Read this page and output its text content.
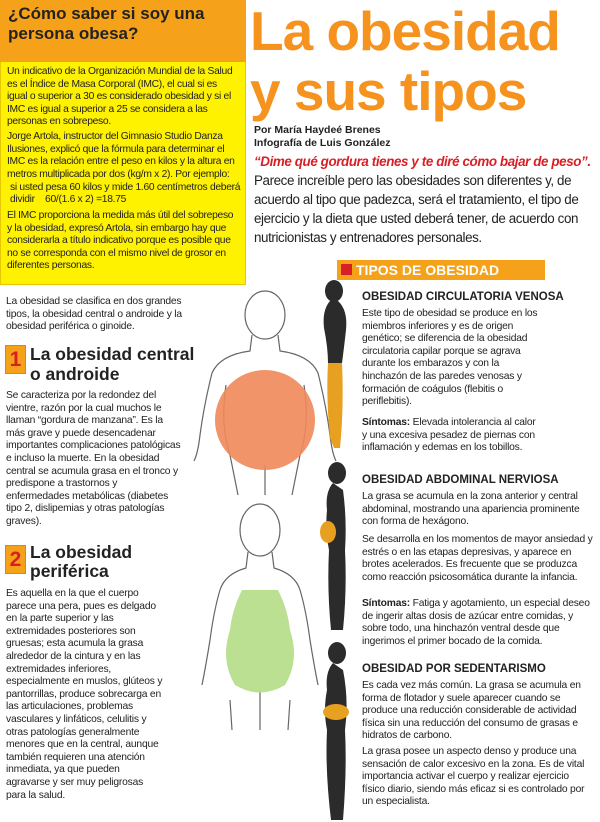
¿Cómo saber si soy una persona obesa?
Un indicativo de la Organización Mundial de la Salud es el Índice de Masa Corporal (IMC), el cual si es igual o superior a 30 es considerado obesidad y si el IMC es igual a superior a 25 se considera a las personas en sobrepeso.
Jorge Artola, instructor del Gimnasio Studio Danza Ilusiones, explicó que la fórmula para determinar el IMC es la relación entre el peso en kilos y la altura en metros multiplicada por dos (kg/m x 2). Por ejemplo:
si usted pesa 60 kilos y mide 1.60 centímetros deberá
dividir    60/(1.6 x 2) =18.75
El IMC proporciona la medida más útil del sobrepeso y la obesidad, expresó Artola, sin embargo hay que considerarla a título indicativo porque es posible que no se corresponda con el mismo nivel de grosor en diferentes personas.
La obesidad
y sus tipos
Por María Haydeé Brenes
Infografía de Luis González
“Dime qué gordura tienes y te diré cómo bajar de peso”. Parece increíble pero las obesidades son diferentes y, de acuerdo al tipo que padezca, será el tratamiento, el tipo de ejercicio y la dieta que usted deberá tener, de acuerdo con nutricionistas y entrenadores personales.
TIPOS DE OBESIDAD
La obesidad se clasifica en dos grandes tipos, la obesidad central o androide y la obesidad periférica o ginoide.
1 La obesidad central
o androide
Se caracteriza por la redondez del vientre, razón por la cual muchos le llaman “gordura de manzana”. Es la más grave y puede desencadenar importantes complicaciones patológicas e incluso la muerte. En la obesidad central se acumula grasa en el tronco y predispone a trastornos y enfermedades metabólicas (diabetes tipo 2, dislipemias y otras patologías graves).
2 La obesidad
periférica
Es aquella en la que el cuerpo parece una pera, pues es delgado en la parte superior y las extremidades posteriores son gruesas; esta acumula la grasa alrededor de la cintura y en las extremidades inferiores, especialmente en muslos, glúteos y pantorrillas, produce sobrecarga en las articulaciones, problemas vasculares y linfáticos, celulitis y otras patologías generalmente menores que en la central, aunque también requieren una atención inmediata, ya que pueden agravarse y ser muy peligrosas para la salud.
OBESIDAD CIRCULATORIA VENOSA
Este tipo de obesidad se produce en los miembros inferiores y es de origen genético; se diferencia de la obesidad circulatoria capilar porque se agrava durante los embarazos y con la hinchazón de las paredes venosas y formación de coágulos (flebitis o periflebitis).
Síntomas: Elevada intolerancia al calor y una excesiva pesadez de piernas con inflamación y edemas en los tobillos.
OBESIDAD ABDOMINAL NERVIOSA
La grasa se acumula en la zona anterior y central abdominal, mostrando una apariencia prominente con forma de hexágono.
Se desarrolla en los momentos de mayor ansiedad y estrés o en las etapas depresivas, y aparece en brotes acelerados. Es frecuente que se produzca como reacción psicosomática durante la infancia.
Síntomas: Fatiga y agotamiento, un especial deseo de ingerir altas dosis de azúcar entre comidas, y sobre todo, una hinchazón ventral desde que ingerimos el primer bocado de la comida.
OBESIDAD POR SEDENTARISMO
Es cada vez más común. La grasa se acumula en forma de flotador y suele aparecer cuando se produce una reducción considerable de actividad física sin una reducción del consumo de grasas e hidratos de carbono.
La grasa posee un aspecto denso y produce una sensación de calor excesivo en la zona. Es de vital importancia activar el cuerpo y realizar ejercicio físico diario, siendo más eficaz si es controlado por un especialista.
